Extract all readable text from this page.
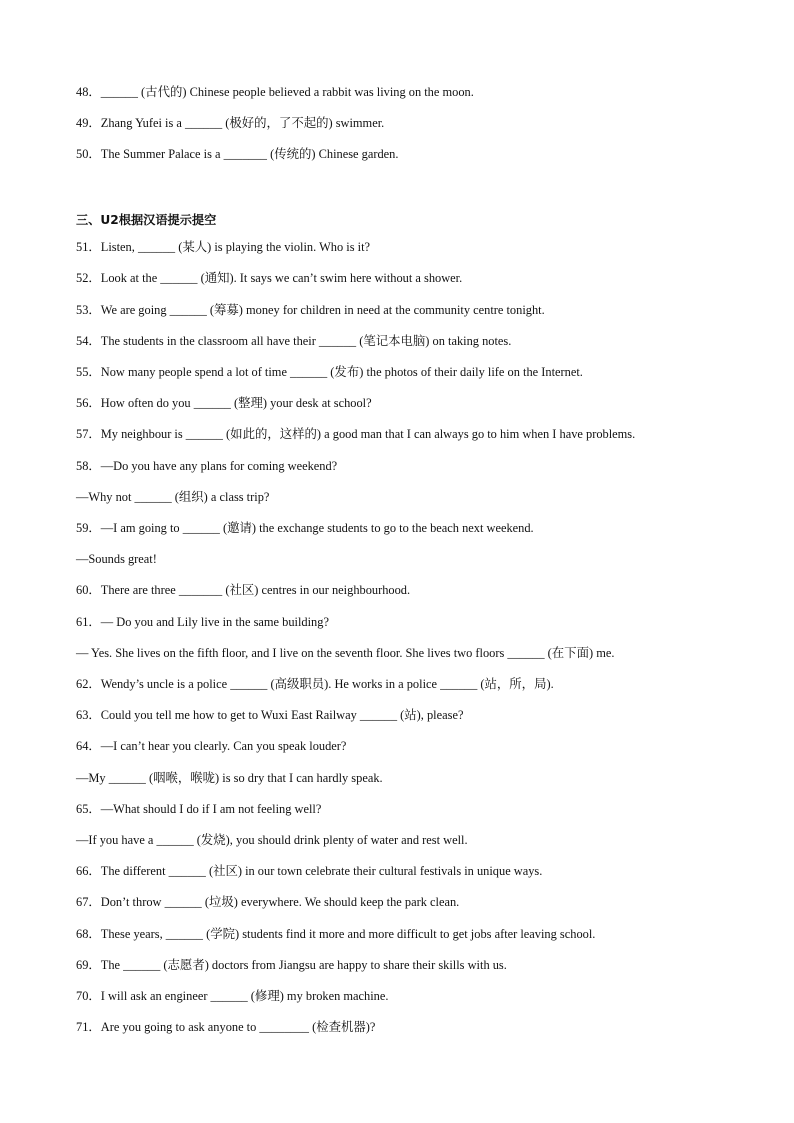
48．______ (古代的) Chinese people believed a rabbit was living on the moon.
49．Zhang Yufei is a ______ (极好的，了不起的) swimmer.
50．The Summer Palace is a _______ (传统的) Chinese garden.
三、U2根据汉语提示提空
51．Listen, ______ (某人) is playing the violin. Who is it?
52．Look at the ______ (通知). It says we can’t swim here without a shower.
53．We are going ______ (筹募) money for children in need at the community centre tonight.
54．The students in the classroom all have their ______ (笔记本电脑) on taking notes.
55．Now many people spend a lot of time ______ (发布) the photos of their daily life on the Internet.
56．How often do you ______ (整理) your desk at school?
57．My neighbour is ______ (如此的，这样的) a good man that I can always go to him when I have problems.
58．—Do you have any plans for coming weekend?
—Why not ______ (组织) a class trip?
59．—I am going to ______ (邀请) the exchange students to go to the beach next weekend.
—Sounds great!
60．There are three _______ (社区) centres in our neighbourhood.
61．— Do you and Lily live in the same building?
— Yes. She lives on the fifth floor, and I live on the seventh floor. She lives two floors ______ (在下面) me.
62．Wendy’s uncle is a police ______ (高级职员). He works in a police ______ (站，所，局).
63．Could you tell me how to get to Wuxi East Railway ______ (站), please?
64．—I can’t hear you clearly. Can you speak louder?
—My ______ (咽喉，喉咙) is so dry that I can hardly speak.
65．—What should I do if I am not feeling well?
—If you have a ______ (发烧), you should drink plenty of water and rest well.
66．The different ______ (社区) in our town celebrate their cultural festivals in unique ways.
67．Don’t throw ______ (垃圾) everywhere. We should keep the park clean.
68．These years, ______ (学院) students find it more and more difficult to get jobs after leaving school.
69．The ______ (志愿者) doctors from Jiangsu are happy to share their skills with us.
70．I will ask an engineer ______ (修理) my broken machine.
71．Are you going to ask anyone to ________ (检查机器)?
